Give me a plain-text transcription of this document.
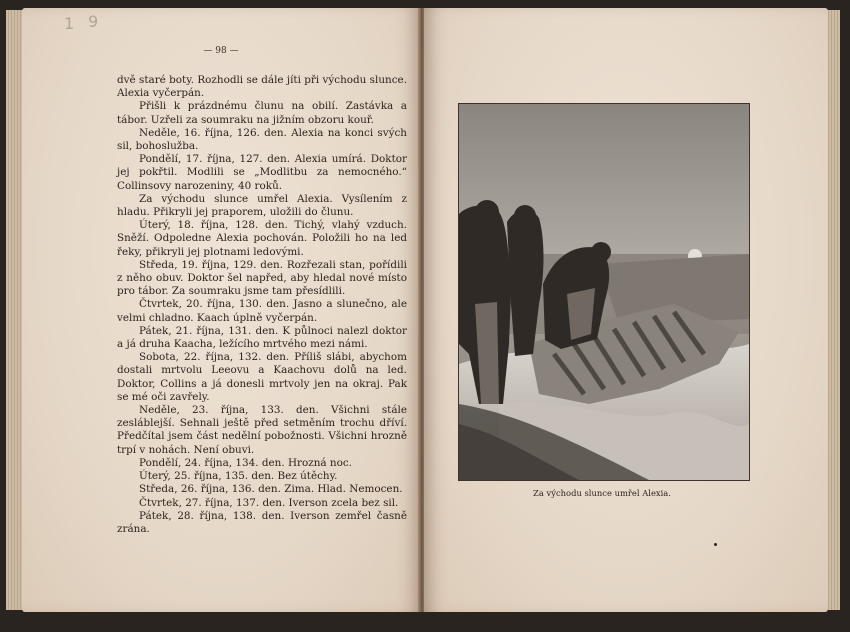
1 9
— 98 —

dvě staré boty. Rozhodli se dále jíti při východu slunce. Alexia vyčerpán.

Přišli k prázdnému člunu na obilí. Zastávka a tábor. Uzřeli za soumraku na jižním obzoru kouř.

Neděle, 16. října, 126. den. Alexia na konci svých sil, bohoslužba.

Pondělí, 17. října, 127. den. Alexia umírá. Doktor jej pokřtil. Modlili se „Modlitbu za nemocného.“ Collinsovy narozeniny, 40 roků.

Za východu slunce umřel Alexia. Vysílením z hladu. Přikryli jej praporem, uložili do člunu.

Úterý, 18. října, 128. den. Tichý, vlahý vzduch. Sněží. Odpoledne Alexia pochován. Položili ho na led řeky, přikryli jej plotnami ledovými.

Středa, 19. října, 129. den. Rozřezali stan, pořídili z něho obuv. Doktor šel napřed, aby hledal nové místo pro tábor. Za soumraku jsme tam přesídlili.

Čtvrtek, 20. října, 130. den. Jasno a slunečno, ale velmi chladno. Kaach úplně vyčerpán.

Pátek, 21. října, 131. den. K půlnoci nalezl doktor a já druha Kaacha, ležícího mrtvého mezi námi.

Sobota, 22. října, 132. den. Příliš slábi, abychom dostali mrtvolu Leeovu a Kaachovu dolů na led. Doktor, Collins a já donesli mrtvoly jen na okraj. Pak se mé oči zavřely.

Neděle, 23. října, 133. den. Všichni stále zeslábleјší. Sehnali ještě před setměním trochu dříví. Předčítal jsem část nedělní pobožnosti. Všichni hrozně trpí v nohách. Není obuvi.

Pondělí, 24. října, 134. den. Hrozná noc.

Úterý, 25. října, 135. den. Bez útěchy.

Středa, 26. října, 136. den. Zima. Hlad. Nemocen.

Čtvrtek, 27. října, 137. den. Iverson zcela bez sil.

Pátek, 28. října, 138. den. Iverson zemřel časně zrána.

Za východu slunce umřel Alexia.
